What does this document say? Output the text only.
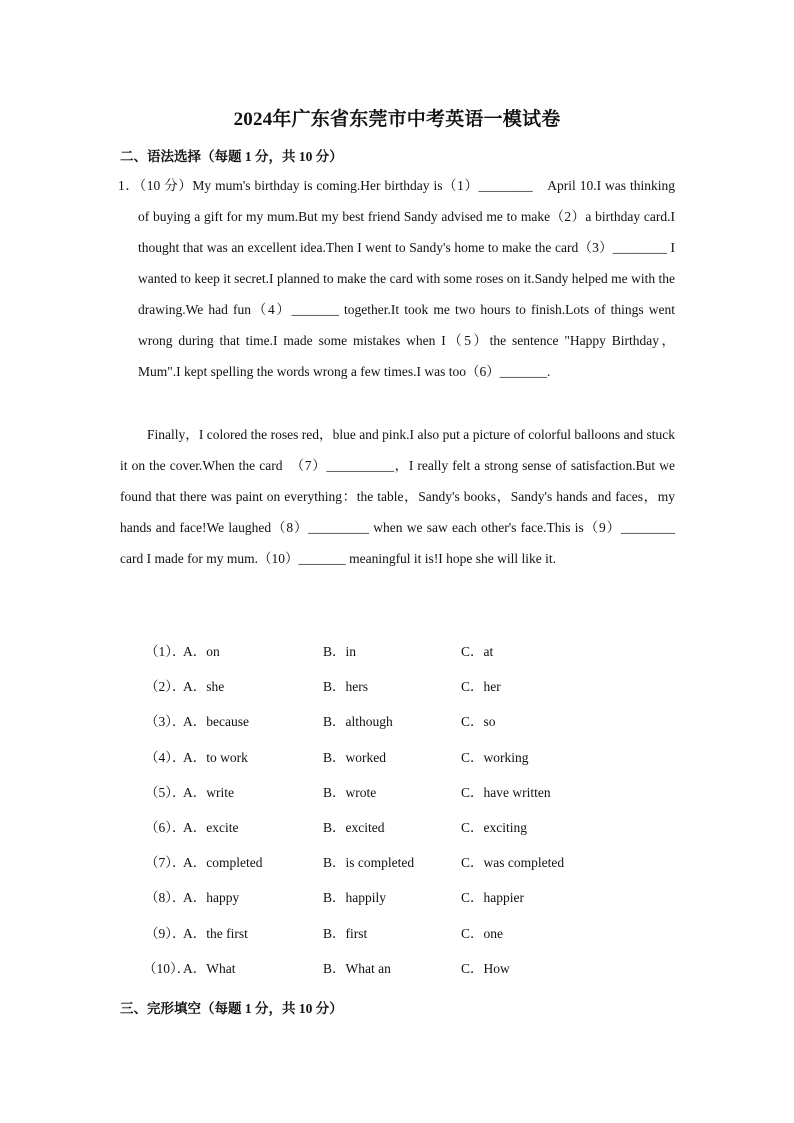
2024年广东省东莞市中考英语一模试卷
二、语法选择（每题 1 分，共 10 分）
1．（10 分）My mum's birthday is coming.Her birthday is（1）________　April 10.I was thinking of buying a gift for my mum.But my best friend Sandy advised me to make（2）a birthday card.I thought that was an excellent idea.Then I went to Sandy's home to make the card（3）________ I wanted to keep it secret.I planned to make the card with some roses on it.Sandy helped me with the drawing.We had fun（4）_______ together.It took me two hours to finish.Lots of things went wrong during that time.I made some mistakes when I（5）the sentence "Happy Birthday，Mum".I kept spelling the words wrong a few times.I was too（6）_______.
Finally，I colored the roses red，blue and pink.I also put a picture of colorful balloons and stuck it on the cover.When the card　（7）__________，I really felt a strong sense of satisfaction.But we found that there was paint on everything：the table，Sandy's books，Sandy's hands and faces，my hands and face!We laughed（8）_________ when we saw each other's face.This is（9）________ card I made for my mum.（10）_______ meaningful it is!I hope she will like it.
（1）．
A．on	B．in	C．at
（2）．
A．she	B．hers	C．her
（3）．
A．because	B．although	C．so
（4）．
A．to work	B．worked	C．working
（5）．
A．write	B．wrote	C．have written
（6）．
A．excite	B．excited	C．exciting
（7）．
A．completed	B．is completed	C．was completed
（8）．
A．happy	B．happily	C．happier
（9）．
A．the first	B．first	C．one
（10）．
A．What	B．What an	C．How
三、完形填空（每题 1 分，共 10 分）
